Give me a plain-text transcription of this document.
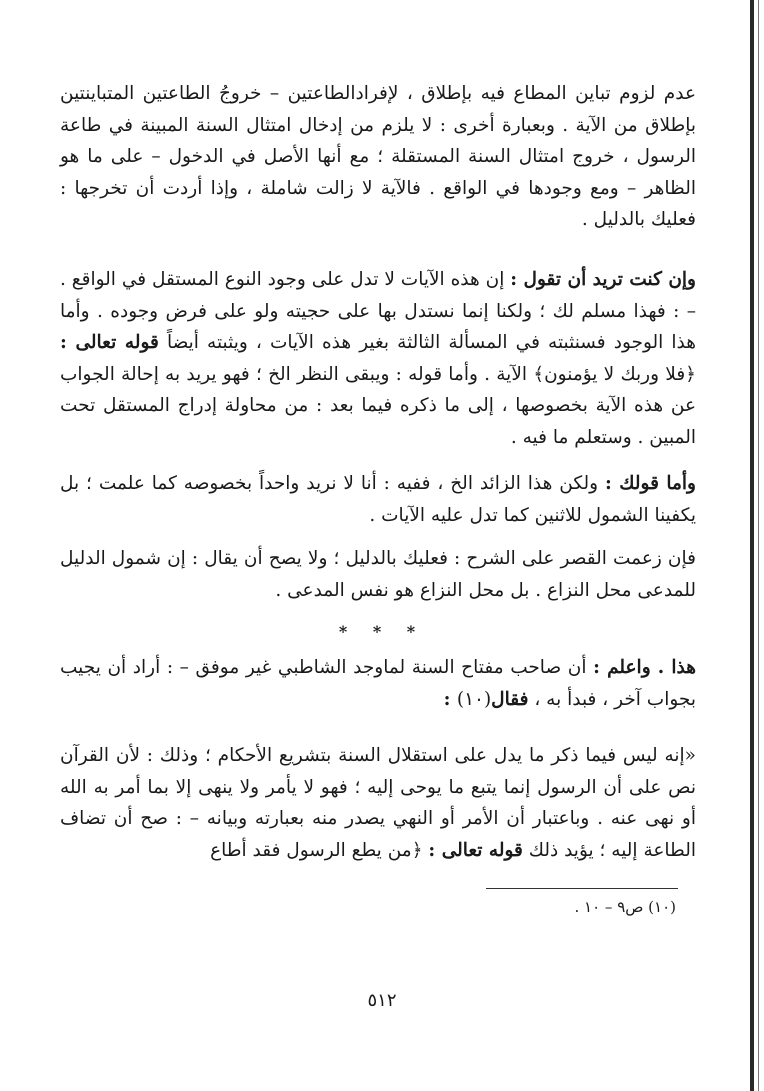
عدم لزوم تباين المطاع فيه بإطلاق ، لإفرادالطاعتين – خروجُ الطاعتين المتباينتين بإطلاق من الآية . وبعبارة أخرى : لا يلزم من إدخال امتثال السنة المبينة في طاعة الرسول ، خروج امتثال السنة المستقلة ؛ مع أنها الأصل في الدخول – على ما هو الظاهر – ومع وجودها في الواقع . فالآية لا زالت شاملة ، وإذا أردت أن تخرجها : فعليك بالدليل .

وإن كنت تريد أن تقول : إن هذه الآيات لا تدل على وجود النوع المستقل في الواقع . – : فهذا مسلم لك ؛ ولكنا إنما نستدل بها على حجيته ولو على فرض وجوده . وأما هذا الوجود فسنثبته في المسألة الثالثة بغير هذه الآيات ، ويثبته أيضاً قوله تعالى : ﴿فلا وربك لا يؤمنون﴾ الآية . وأما قوله : ويبقى النظر الخ ؛ فهو يريد به إحالة الجواب عن هذه الآية بخصوصها ، إلى ما ذكره فيما بعد : من محاولة إدراج المستقل تحت المبين . وستعلم ما فيه .

وأما قولك : ولكن هذا الزائد الخ ، ففيه : أنا لا نريد واحداً بخصوصه كما علمت ؛ بل يكفينا الشمول للاثنين كما تدل عليه الآيات .

فإن زعمت القصر على الشرح : فعليك بالدليل ؛ ولا يصح أن يقال : إن شمول الدليل للمدعى محل النزاع . بل محل النزاع هو نفس المدعى .

* * *

هذا . واعلم : أن صاحب مفتاح السنة لماوجد الشاطبي غير موفق – : أراد أن يجيب بجواب آخر ، فبدأ به ، فقال(١٠) :

«إنه ليس فيما ذكر ما يدل على استقلال السنة بتشريع الأحكام ؛ وذلك : لأن القرآن نص على أن الرسول إنما يتبع ما يوحى إليه ؛ فهو لا يأمر ولا ينهى إلا بما أمر به الله أو نهى عنه . وباعتبار أن الأمر أو النهي يصدر منه بعبارته وبيانه – : صح أن تضاف الطاعة إليه ؛ يؤيد ذلك قوله تعالى : ﴿من يطع الرسول فقد أطاع

(١٠) ص٩ – ١٠ .
٥١٢
